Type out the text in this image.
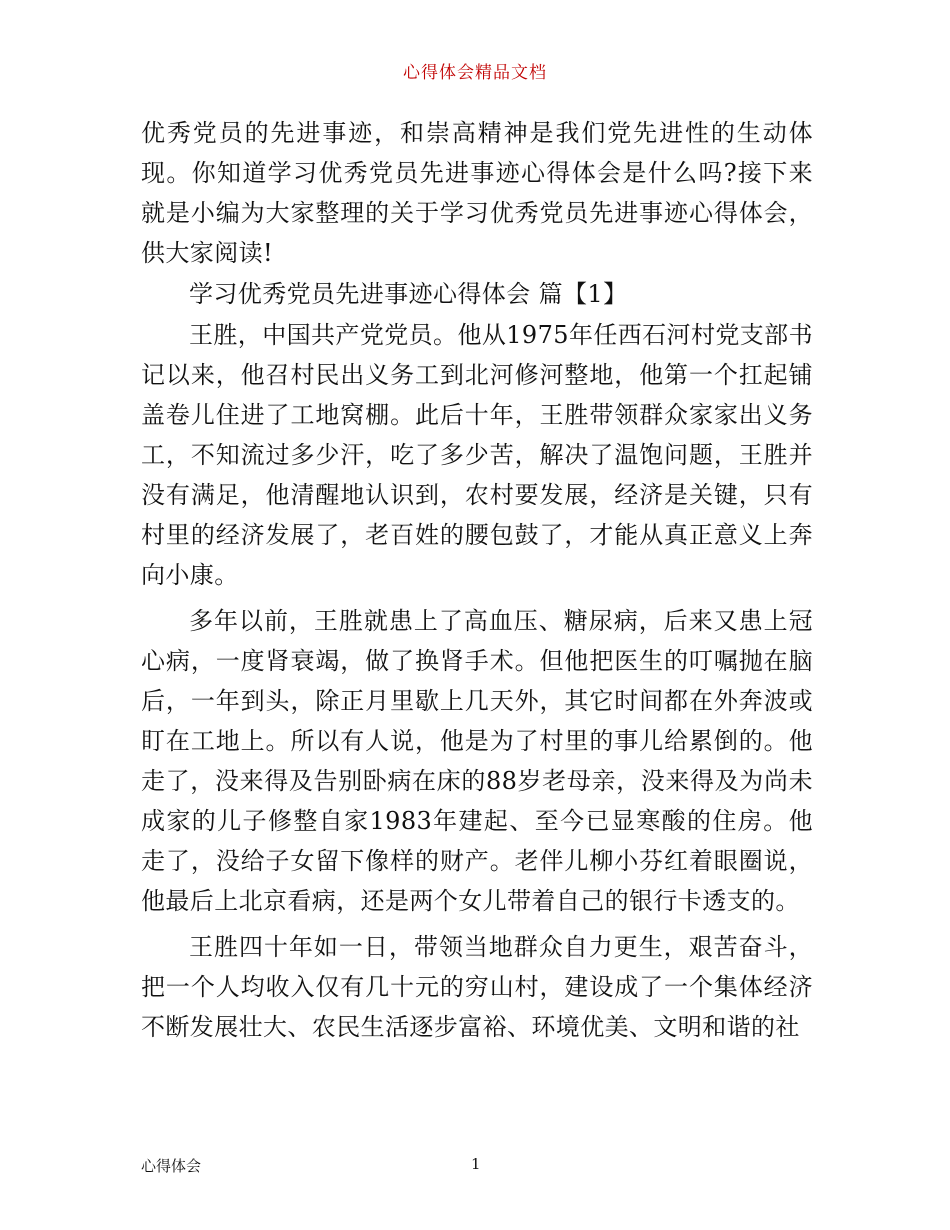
心得体会精品文档

优秀党员的先进事迹，和崇高精神是我们党先进性的生动体现。你知道学习优秀党员先进事迹心得体会是什么吗?接下来就是小编为大家整理的关于学习优秀党员先进事迹心得体会，供大家阅读!

学习优秀党员先进事迹心得体会 篇【1】

王胜，中国共产党党员。他从1975年任西石河村党支部书记以来，他召村民出义务工到北河修河整地，他第一个扛起铺盖卷儿住进了工地窝棚。此后十年，王胜带领群众家家出义务工，不知流过多少汗，吃了多少苦，解决了温饱问题，王胜并没有满足，他清醒地认识到，农村要发展，经济是关键，只有村里的经济发展了，老百姓的腰包鼓了，才能从真正意义上奔向小康。

多年以前，王胜就患上了高血压、糖尿病，后来又患上冠心病，一度肾衰竭，做了换肾手术。但他把医生的叮嘱抛在脑后，一年到头，除正月里歇上几天外，其它时间都在外奔波或盯在工地上。所以有人说，他是为了村里的事儿给累倒的。他走了，没来得及告别卧病在床的88岁老母亲，没来得及为尚未成家的儿子修整自家1983年建起、至今已显寒酸的住房。他走了，没给子女留下像样的财产。老伴儿柳小芬红着眼圈说，他最后上北京看病，还是两个女儿带着自己的银行卡透支的。

王胜四十年如一日，带领当地群众自力更生，艰苦奋斗，把一个人均收入仅有几十元的穷山村，建设成了一个集体经济不断发展壮大、农民生活逐步富裕、环境优美、文明和谐的社

心得体会	1
